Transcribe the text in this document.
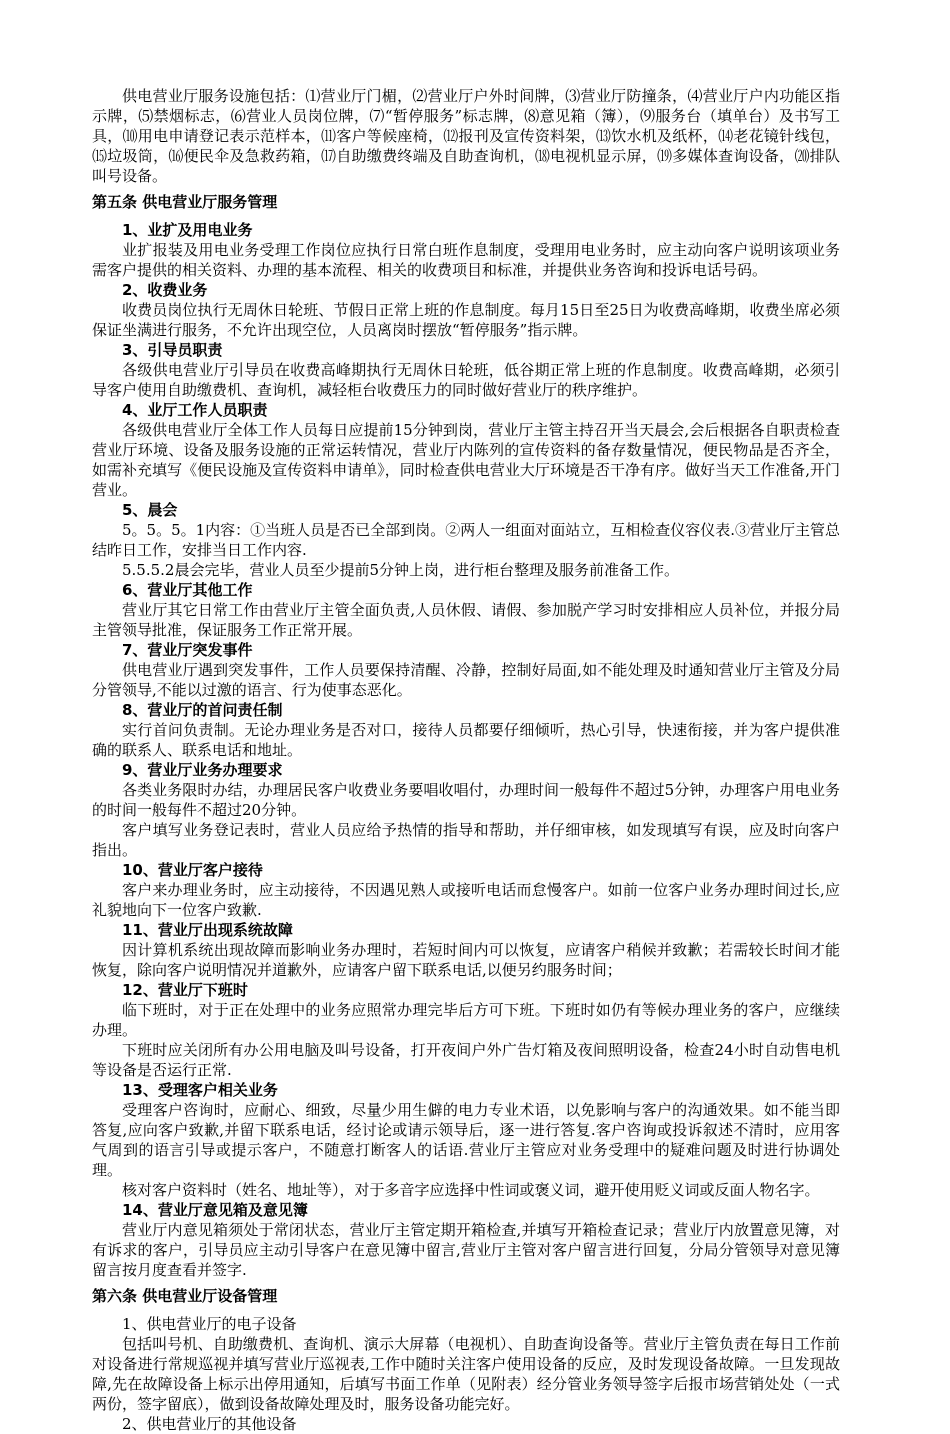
供电营业厅服务设施包括：⑴营业厅门楣，⑵营业厅户外时间牌，⑶营业厅防撞条，⑷营业厅户内功能区指示牌，⑸禁烟标志，⑹营业人员岗位牌，⑺“暂停服务”标志牌，⑻意见箱（簿），⑼服务台（填单台）及书写工具，⑽用电申请登记表示范样本，⑾客户等候座椅，⑿报刊及宣传资料架，⒀饮水机及纸杯，⒁老花镜针线包，⒂垃圾筒，⒃便民伞及急救药箱，⒄自助缴费终端及自助查询机，⒅电视机显示屏，⒆多媒体查询设备，⒇排队叫号设备。

第五条 供电营业厅服务管理
1、业扩及用电业务

业扩报装及用电业务受理工作岗位应执行日常白班作息制度，受理用电业务时，应主动向客户说明该项业务需客户提供的相关资料、办理的基本流程、相关的收费项目和标准，并提供业务咨询和投诉电话号码。

2、收费业务

收费员岗位执行无周休日轮班、节假日正常上班的作息制度。每月15日至25日为收费高峰期，收费坐席必须保证坐满进行服务，不允许出现空位，人员离岗时摆放“暂停服务”指示牌。

3、引导员职责

各级供电营业厅引导员在收费高峰期执行无周休日轮班，低谷期正常上班的作息制度。收费高峰期，必须引导客户使用自助缴费机、查询机，减轻柜台收费压力的同时做好营业厅的秩序维护。

4、业厅工作人员职责

各级供电营业厅全体工作人员每日应提前15分钟到岗，营业厅主管主持召开当天晨会,会后根据各自职责检查营业厅环境、设备及服务设施的正常运转情况，营业厅内陈列的宣传资料的备存数量情况，便民物品是否齐全，如需补充填写《便民设施及宣传资料申请单》，同时检查供电营业大厅环境是否干净有序。做好当天工作准备,开门营业。

5、晨会

5。5。5。1内容：①当班人员是否已全部到岗。②两人一组面对面站立，互相检查仪容仪表.③营业厅主管总结昨日工作，安排当日工作内容.

5.5.5.2晨会完毕，营业人员至少提前5分钟上岗，进行柜台整理及服务前准备工作。

6、营业厅其他工作

营业厅其它日常工作由营业厅主管全面负责,人员休假、请假、参加脱产学习时安排相应人员补位，并报分局主管领导批准，保证服务工作正常开展。

7、营业厅突发事件

供电营业厅遇到突发事件，工作人员要保持清醒、冷静，控制好局面,如不能处理及时通知营业厅主管及分局分管领导,不能以过激的语言、行为使事态恶化。

8、营业厅的首问责任制

实行首问负责制。无论办理业务是否对口，接待人员都要仔细倾听，热心引导，快速衔接，并为客户提供准确的联系人、联系电话和地址。

9、营业厅业务办理要求

各类业务限时办结，办理居民客户收费业务要唱收唱付，办理时间一般每件不超过5分钟，办理客户用电业务的时间一般每件不超过20分钟。

客户填写业务登记表时，营业人员应给予热情的指导和帮助，并仔细审核，如发现填写有误，应及时向客户指出。

10、营业厅客户接待

客户来办理业务时，应主动接待，不因遇见熟人或接听电话而怠慢客户。如前一位客户业务办理时间过长,应礼貌地向下一位客户致歉.

11、营业厅出现系统故障

因计算机系统出现故障而影响业务办理时，若短时间内可以恢复，应请客户稍候并致歉；若需较长时间才能恢复，除向客户说明情况并道歉外，应请客户留下联系电话,以便另约服务时间；

12、营业厅下班时

临下班时，对于正在处理中的业务应照常办理完毕后方可下班。下班时如仍有等候办理业务的客户，应继续办理。

下班时应关闭所有办公用电脑及叫号设备，打开夜间户外广告灯箱及夜间照明设备，检查24小时自动售电机等设备是否运行正常.

13、受理客户相关业务

受理客户咨询时，应耐心、细致，尽量少用生僻的电力专业术语，以免影响与客户的沟通效果。如不能当即答复,应向客户致歉,并留下联系电话，经讨论或请示领导后，逐一进行答复.客户咨询或投诉叙述不清时，应用客气周到的语言引导或提示客户，不随意打断客人的话语.营业厅主管应对业务受理中的疑难问题及时进行协调处理。

核对客户资料时（姓名、地址等），对于多音字应选择中性词或褒义词，避开使用贬义词或反面人物名字。

14、营业厅意见箱及意见簿

营业厅内意见箱须处于常闭状态，营业厅主管定期开箱检查,并填写开箱检查记录；营业厅内放置意见簿，对有诉求的客户，引导员应主动引导客户在意见簿中留言,营业厅主管对客户留言进行回复，分局分管领导对意见簿留言按月度查看并签字.

第六条 供电营业厅设备管理
1、供电营业厅的电子设备

包括叫号机、自助缴费机、查询机、演示大屏幕（电视机）、自助查询设备等。营业厅主管负责在每日工作前对设备进行常规巡视并填写营业厅巡视表,工作中随时关注客户使用设备的反应，及时发现设备故障。一旦发现故障,先在故障设备上标示出停用通知，后填写书面工作单（见附表）经分管业务领导签字后报市场营销处处（一式两份，签字留底），做到设备故障处理及时，服务设备功能完好。

2、供电营业厅的其他设备
